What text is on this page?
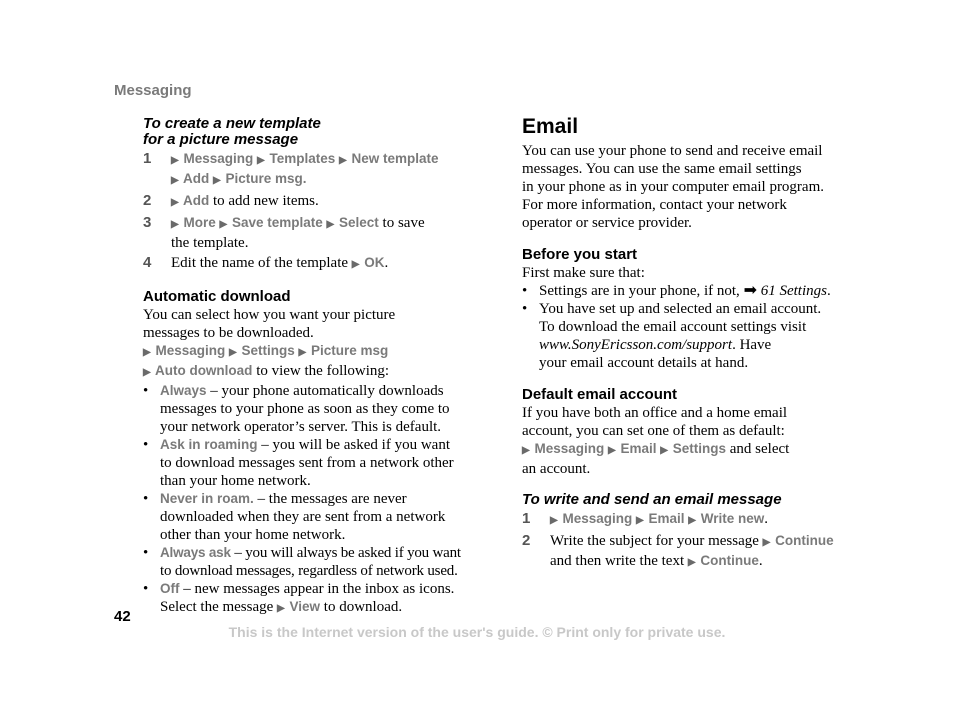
Messaging

To create a new template

for a picture message

1 ▶ Messaging ▶ Templates ▶ New template
▶ Add ▶ Picture msg.
2 ▶ Add to add new items.
3 ▶ More ▶ Save template ▶ Select to save
the template.
4 Edit the name of the template ▶ OK.

Automatic download

You can select how you want your picture

messages to be downloaded.

▶ Messaging ▶ Settings ▶ Picture msg

▶ Auto download to view the following:

• Always – your phone automatically downloads
messages to your phone as soon as they come to
your network operator’s server. This is default.
• Ask in roaming – you will be asked if you want
to download messages sent from a network other
than your home network.
• Never in roam. – the messages are never
downloaded when they are sent from a network
other than your home network.
• Always ask – you will always be asked if you want
to download messages, regardless of network used.
• Off – new messages appear in the inbox as icons.
Select the message ▶ View to download.

Email

You can use your phone to send and receive email

messages. You can use the same email settings

in your phone as in your computer email program.

For more information, contact your network

operator or service provider.

Before you start

First make sure that:

• Settings are in your phone, if not, ➡ 61 Settings.
• You have set up and selected an email account.
To download the email account settings visit
www.SonyEricsson.com/support. Have
your email account details at hand.

Default email account

If you have both an office and a home email

account, you can set one of them as default:

▶ Messaging ▶ Email ▶ Settings and select

an account.

To write and send an email message

1 ▶ Messaging ▶ Email ▶ Write new.
2 Write the subject for your message ▶ Continue
and then write the text ▶ Continue.
42
This is the Internet version of the user's guide. © Print only for private use.
